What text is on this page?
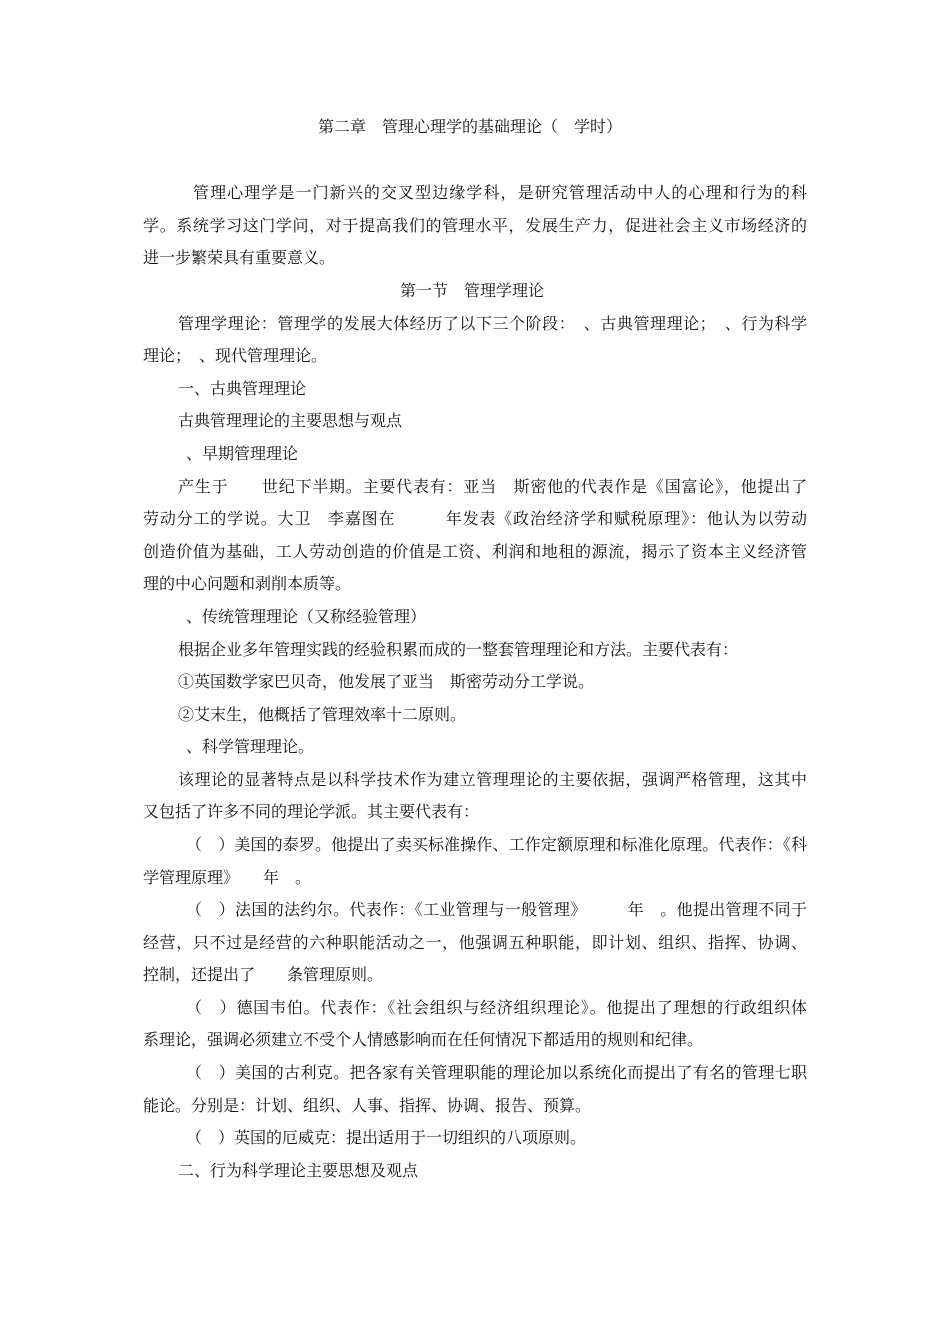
第二章　管理心理学的基础理论（　学时）
管理心理学是一门新兴的交叉型边缘学科，是研究管理活动中人的心理和行为的科
学。系统学习这门学问，对于提高我们的管理水平，发展生产力，促进社会主义市场经济的
进一步繁荣具有重要意义。
第一节　管理学理论
管理学理论：管理学的发展大体经历了以下三个阶段：　、古典管理理论；　、行为科学
理论；　、现代管理理论。
一、古典管理理论
古典管理理论的主要思想与观点
、早期管理理论
产生于　　世纪下半期。主要代表有：亚当　斯密他的代表作是《国富论》，他提出了
劳动分工的学说。大卫　李嘉图在　　　年发表《政治经济学和赋税原理》：他认为以劳动
创造价值为基础，工人劳动创造的价值是工资、利润和地租的源流，揭示了资本主义经济管
理的中心问题和剥削本质等。
、传统管理理论（又称经验管理）
根据企业多年管理实践的经验积累而成的一整套管理理论和方法。主要代表有：
①英国数学家巴贝奇，他发展了亚当　斯密劳动分工学说。
②艾末生，他概括了管理效率十二原则。
、科学管理理论。
该理论的显著特点是以科学技术作为建立管理理论的主要依据，强调严格管理，这其中
又包括了许多不同的理论学派。其主要代表有：
（　）美国的泰罗。他提出了卖买标准操作、工作定额原理和标准化原理。代表作：《科
学管理原理》　　年　。
（　）法国的法约尔。代表作：《工业管理与一般管理》　　　年　。他提出管理不同于
经营，只不过是经营的六种职能活动之一，他强调五种职能，即计划、组织、指挥、协调、
控制，还提出了　　条管理原则。
（　）德国韦伯。代表作：《社会组织与经济组织理论》。他提出了理想的行政组织体
系理论，强调必须建立不受个人情感影响而在任何情况下都适用的规则和纪律。
（　）美国的古利克。把各家有关管理职能的理论加以系统化而提出了有名的管理七职
能论。分别是：计划、组织、人事、指挥、协调、报告、预算。
（　）英国的厄威克：提出适用于一切组织的八项原则。
二、行为科学理论主要思想及观点
